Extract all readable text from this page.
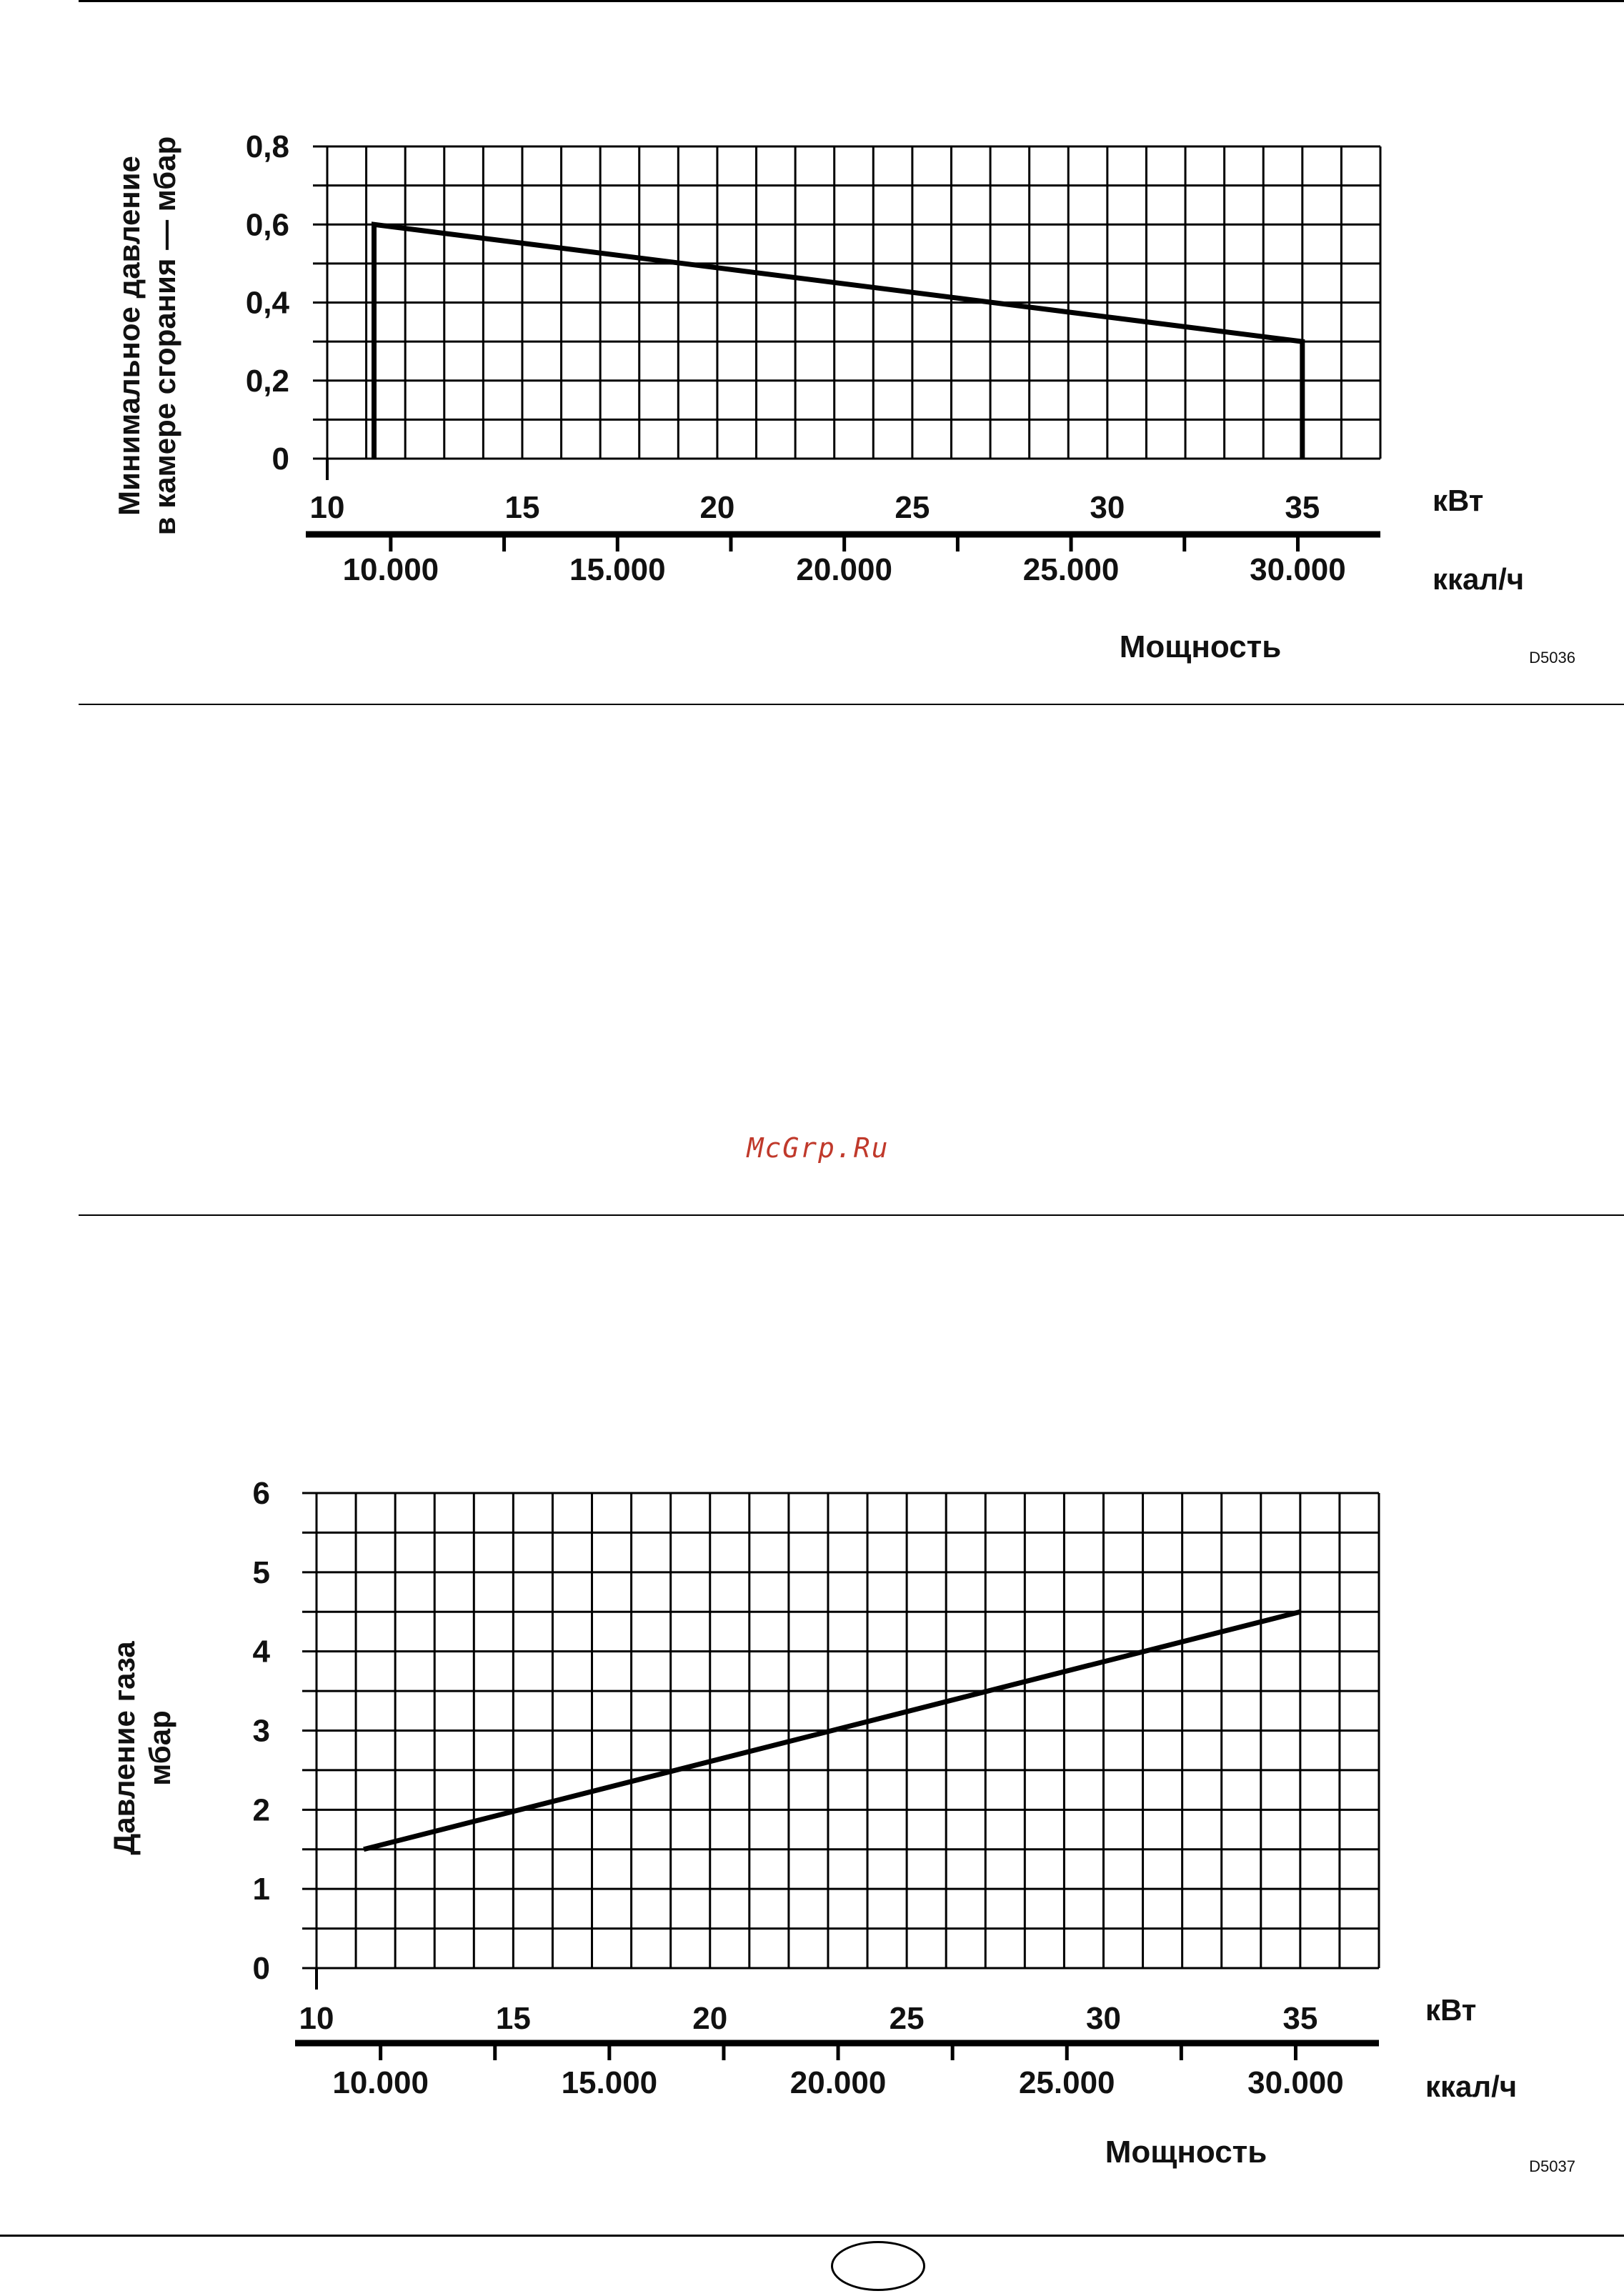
10	15	20	25	30	35
0
0,2
0,4
0,6
0,8
10.000	15.000	20.000	25.000	30.000
кВт
ккал/ч
Мощность	D5036
Минимальное давление в камере сгорания — мбар
McGrp.Ru
10	15	20	25	30	35
0
1
2
3
4
5
6
10.000	15.000	20.000	25.000	30.000
кВт
ккал/ч
Мощность	D5037
Давление газа мбар
